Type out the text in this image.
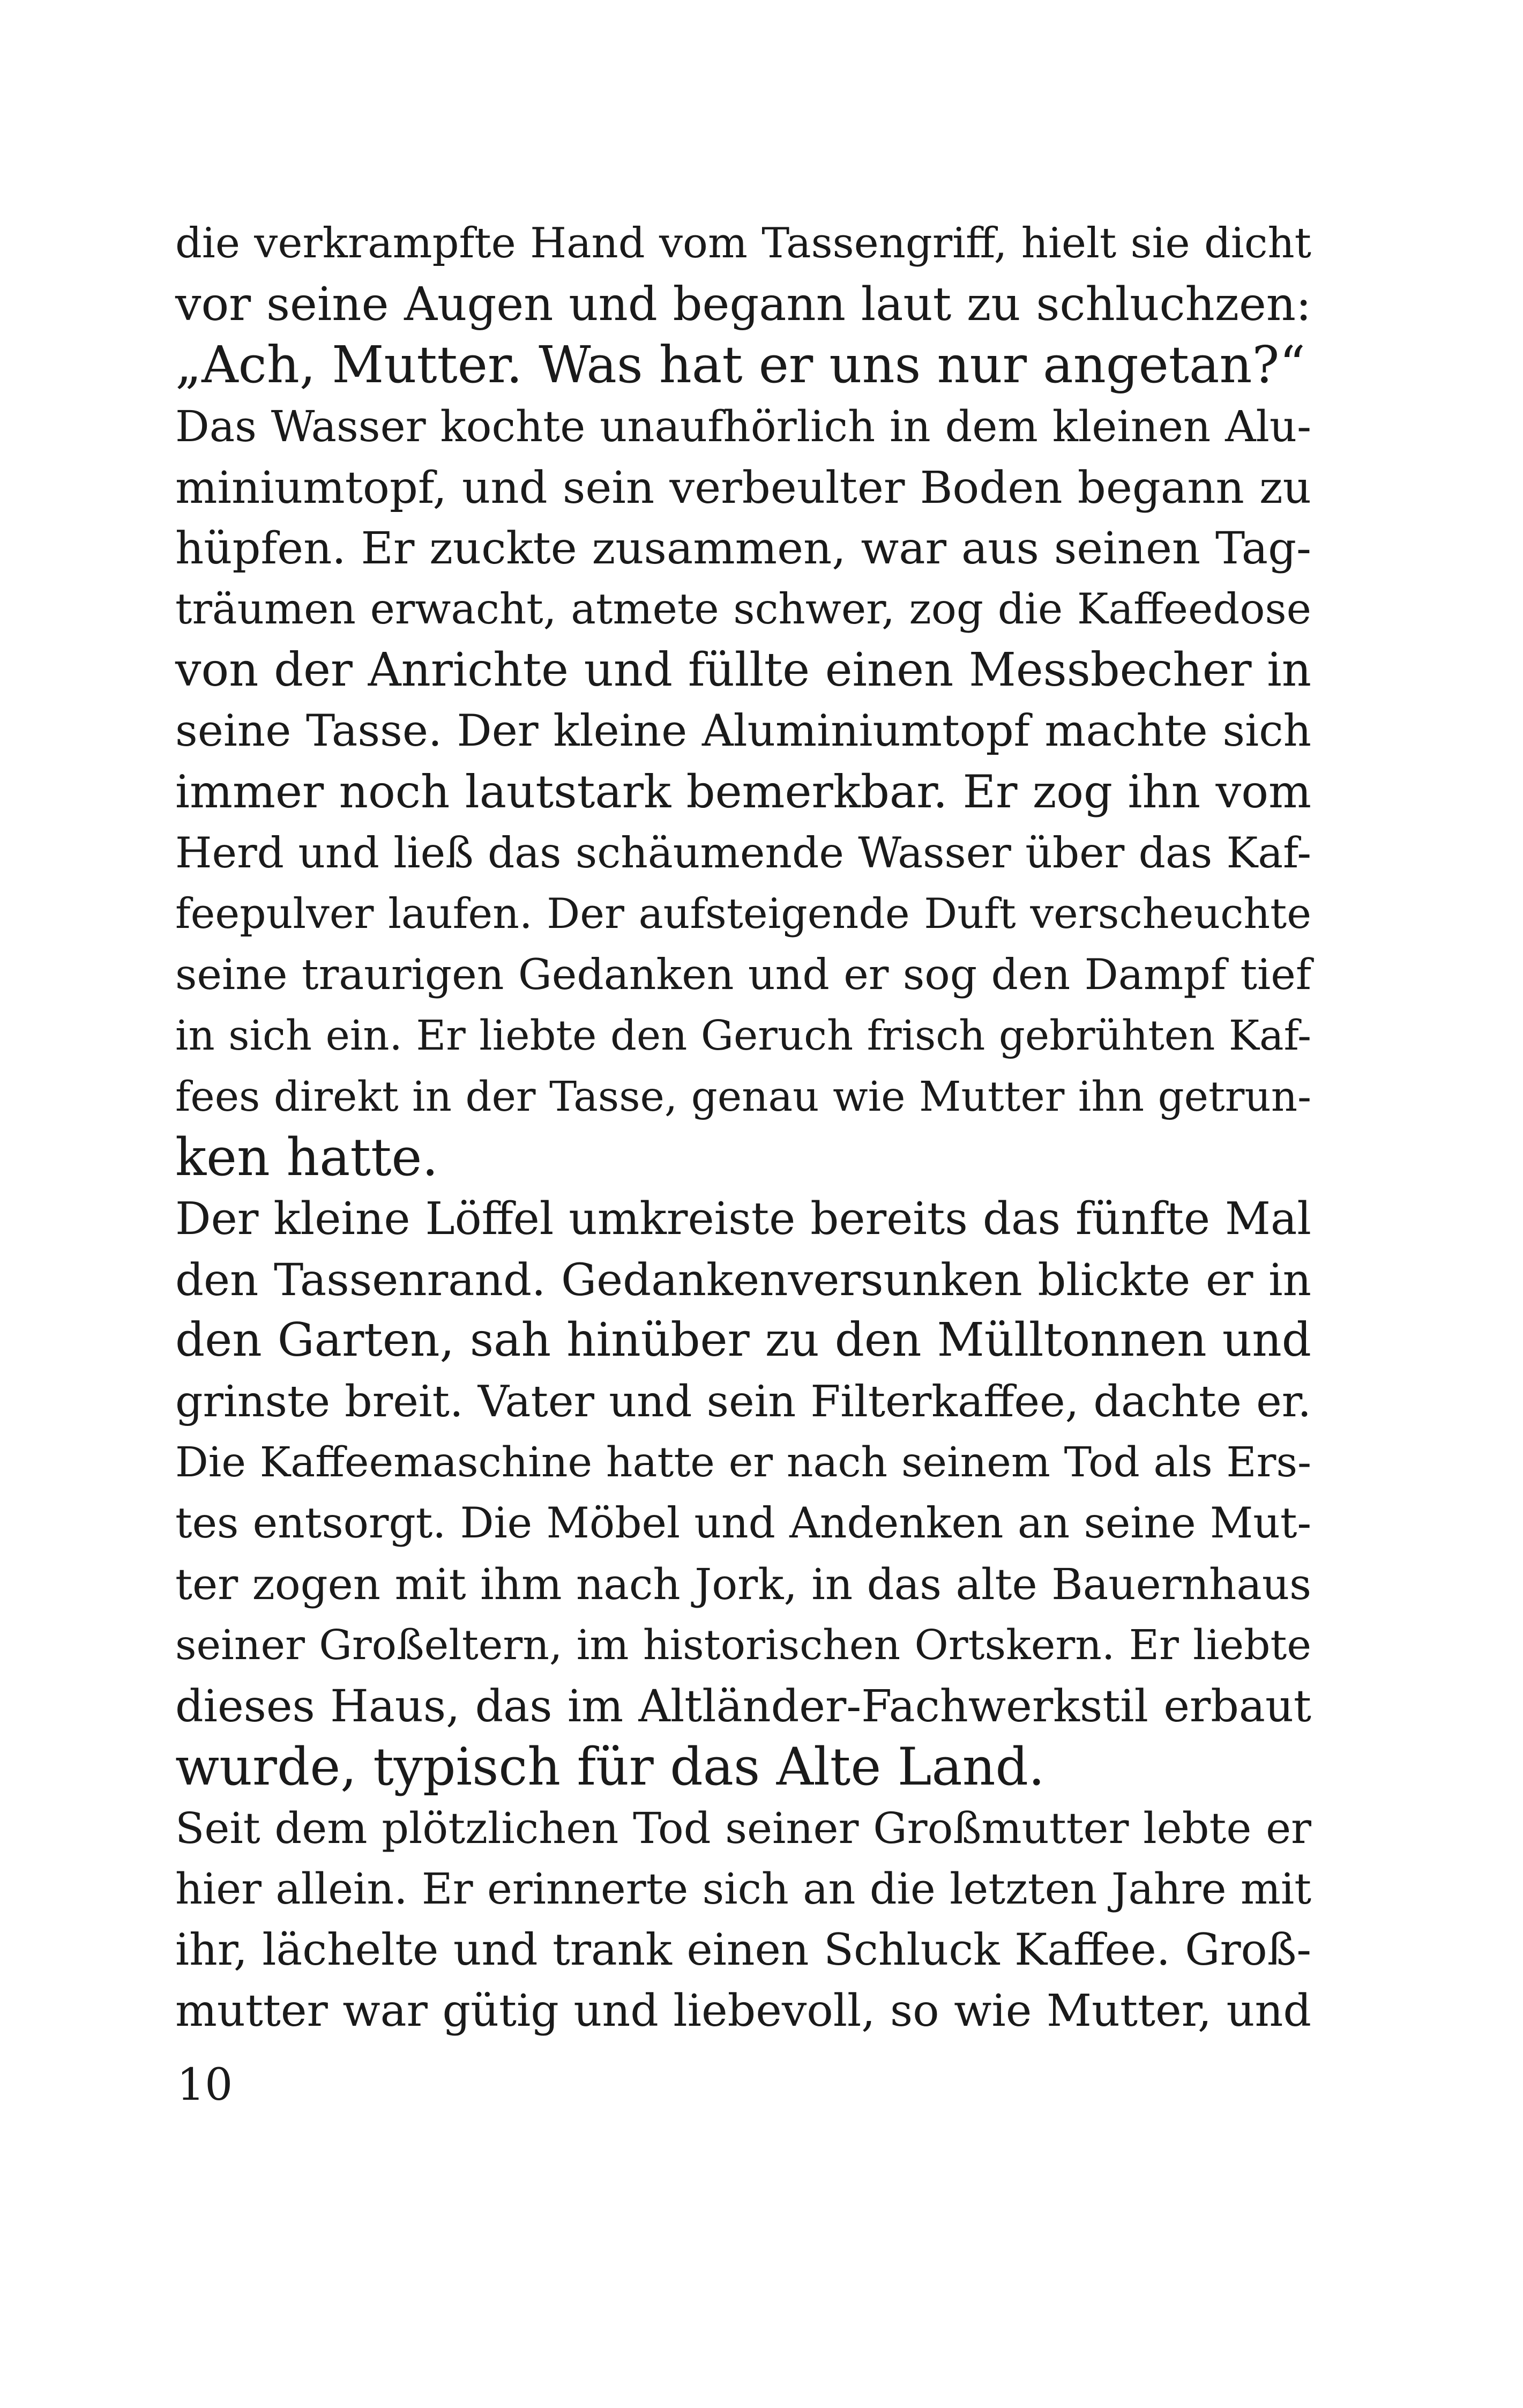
die verkrampfte Hand vom Tassengriff, hielt sie dicht
vor seine Augen und begann laut zu schluchzen:
„Ach, Mutter. Was hat er uns nur angetan?“
Das Wasser kochte unaufhörlich in dem kleinen Alu-
miniumtopf, und sein verbeulter Boden begann zu
hüpfen. Er zuckte zusammen, war aus seinen Tag-
träumen erwacht, atmete schwer, zog die Kaffeedose
von der Anrichte und füllte einen Messbecher in
seine Tasse. Der kleine Aluminiumtopf machte sich
immer noch lautstark bemerkbar. Er zog ihn vom
Herd und ließ das schäumende Wasser über das Kaf-
feepulver laufen. Der aufsteigende Duft verscheuchte
seine traurigen Gedanken und er sog den Dampf tief
in sich ein. Er liebte den Geruch frisch gebrühten Kaf-
fees direkt in der Tasse, genau wie Mutter ihn getrun-
ken hatte.
Der kleine Löffel umkreiste bereits das fünfte Mal
den Tassenrand. Gedankenversunken blickte er in
den Garten, sah hinüber zu den Mülltonnen und
grinste breit. Vater und sein Filterkaffee, dachte er.
Die Kaffeemaschine hatte er nach seinem Tod als Ers-
tes entsorgt. Die Möbel und Andenken an seine Mut-
ter zogen mit ihm nach Jork, in das alte Bauernhaus
seiner Großeltern, im historischen Ortskern. Er liebte
dieses Haus, das im Altländer-Fachwerkstil erbaut
wurde, typisch für das Alte Land.
Seit dem plötzlichen Tod seiner Großmutter lebte er
hier allein. Er erinnerte sich an die letzten Jahre mit
ihr, lächelte und trank einen Schluck Kaffee. Groß-
mutter war gütig und liebevoll, so wie Mutter, und
10
